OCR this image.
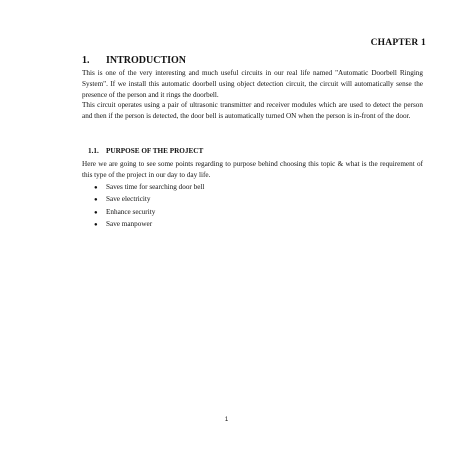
CHAPTER 1
1. INTRODUCTION

This is one of the very interesting and much useful circuits in our real life named "Automatic Doorbell Ringing System". If we install this automatic doorbell using object detection circuit, the circuit will automatically sense the presence of the person and it rings the doorbell.

This circuit operates using a pair of ultrasonic transmitter and receiver modules which are used to detect the person and then if the person is detected, the door bell is automatically turned ON when the person is in-front of the door.

1.1. PURPOSE OF THE PROJECT

Here we are going to see some points regarding to purpose behind choosing this topic & what is the requirement of this type of the project in our day to day life.

● Saves time for searching door bell
● Save electricity
● Enhance security
● Save manpower
1
